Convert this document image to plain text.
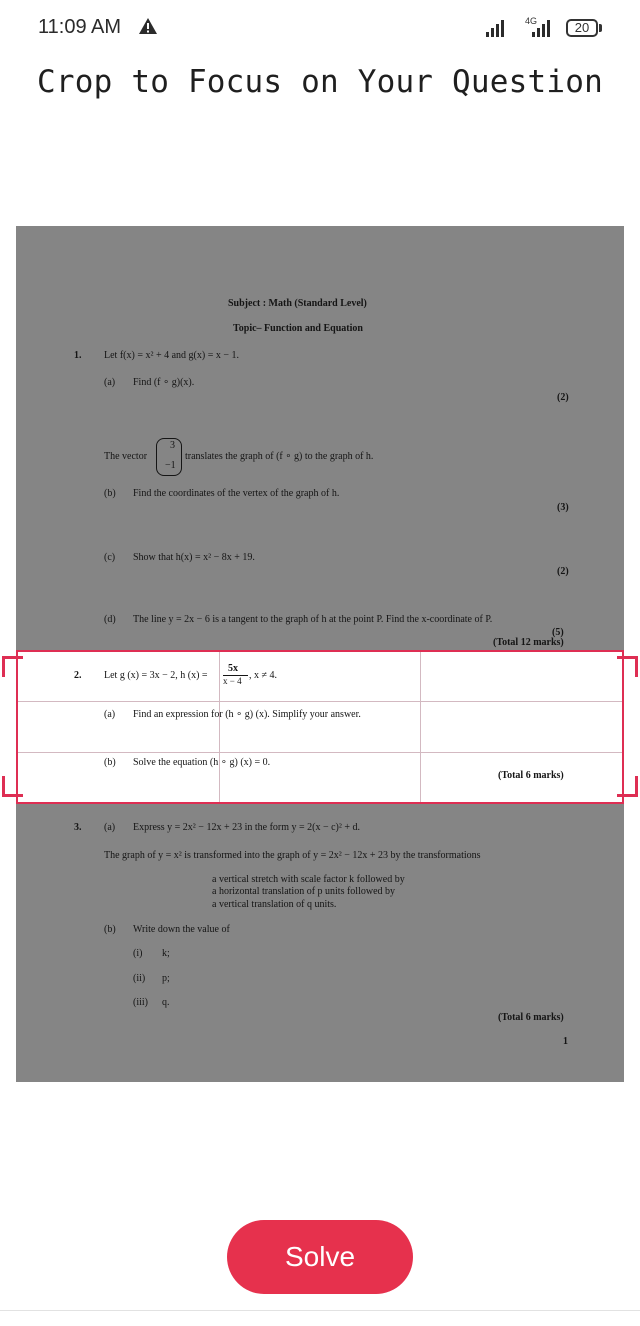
11:09 AM	4G	20
Crop to Focus on Your Question
Subject : Math (Standard Level)
Topic– Function and Equation
1. Let f(x) = x² + 4 and g(x) = x − 1.
(a) Find (f ∘ g)(x).
(2)
The vector
3
−1
translates the graph of (f ∘ g) to the graph of h.
(b) Find the coordinates of the vertex of the graph of h.
(3)
(c) Show that h(x) = x² − 8x + 19.
(2)
(d) The line y = 2x − 6 is a tangent to the graph of h at the point P. Find the x-coordinate of P.
(5)
(Total 12 marks)
3. (a) Express y = 2x² − 12x + 23 in the form y = 2(x − c)² + d.
The graph of y = x² is transformed into the graph of y = 2x² − 12x + 23 by the transformations
a vertical stretch with scale factor k followed by
a horizontal translation of p units followed by
a vertical translation of q units.
(b) Write down the value of
(i) k;
(ii) p;
(iii) q.
(Total 6 marks)
1
2. Let g (x) = 3x − 2, h (x) =
5x
x − 4 , x ≠ 4.
(a) Find an expression for (h ∘ g) (x). Simplify your answer.
(b) Solve the equation (h ∘ g) (x) = 0.
(Total 6 marks)
Solve
